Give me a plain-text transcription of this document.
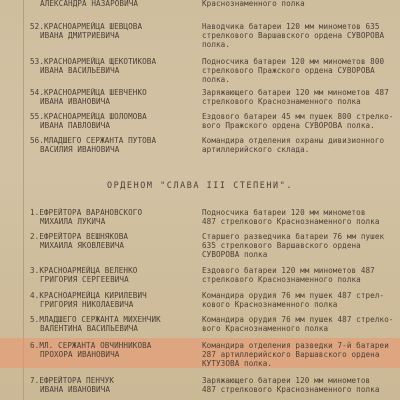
АЛЕКСАНДРА НАЗАРОВИЧА	Краснознаменного полка
52.КРАСНОАРМЕЙЦА ШЕВЦОВА
ИВАНА ДМИТРИЕВИЧА
Наводчика батареи 120 мм минометов 635
стрелкового Варшавского ордена СУВОРОВА
полка.
53.КРАСНОАРМЕЙЦА ЩЕКОТИКОВА
ИВАНА ВАСИЛЬЕВИЧА
Подносчика батареи 120 мм минометов 800
стрелкового Пражского ордена СУВОРОВА
полка.
54.КРАСНОАРМЕЙЦА ШЕВЧЕНКО
ИВАНА ИВАНОВИЧА
Заряжающего батареи 120 мм минометов 487
стрелкового Краснознаменного полка
55.КРАСНОАРМЕЙЦА ШОЛОМОВА
ИВАНА ПАВЛОВИЧА
Ездового батареи 45 мм пушек 800 стрелко-
вого Пражского ордена СУВОРОВА полка.
56.МЛАДШЕГО СЕРЖАНТА ПУТОВА
ВАСИЛИЯ ИВАНОВИЧА
Командира отделения охраны дивизионного
артиллерийского склада.
ОРДЕНОМ "СЛАВА III СТЕПЕНИ".
1.ЕФРЕЙТОРА ВАРАНОВСКОГО
МИХАИЛА ЛУКИЧА
Подносчика батареи 120 мм минометов
487 стрелкового Краснознаменного полка
2.ЕФРЕЙТОРА ВЕШНЯКОВА
МИХАИЛА ЯКОВЛЕВИЧА
Старшего разведчика батареи 76 мм пушек
635 стрелкового Варшавского ордена
СУВОРОВА полка
3.КРАСНОАРМЕЙЦА ВЕЛЕНКО
ГРИГОРИЯ СЕРГЕЕВИЧА
Ездового батареи 120 мм минометов 487
стрелкового Краснознаменного полка
4.КРАСНОАРМЕЙЦА КИРИЛЕВИЧ
ГРИГОРИЯ НИКОЛАЕВИЧА
Командира орудия 76 мм пушек 487 стрел-
кового Краснознаменного полка
5.МЛАДШЕГО СЕРЖАНТА МИХЕНЧИК
ВАЛЕНТИНА ВАСИЛЬЕВИЧА
Командира орудия 76 мм пушек 487 стрелко-
вого Краснознаменного полка
6.МЛ. СЕРЖАНТА ОВЧИННИКОВА
ПРОХОРА ИВАНОВИЧА
Командира отделения разведки 7-й батареи
287 артиллерийского Варшавского ордена
КУТУЗОВА полка.
7.ЕФРЕЙТОРА ПЕНЧУК
ИВАНА ИВАНОВИЧА
Заряжающего батареи 120 мм минометов
487 стрелкового Краснознаменного полка
